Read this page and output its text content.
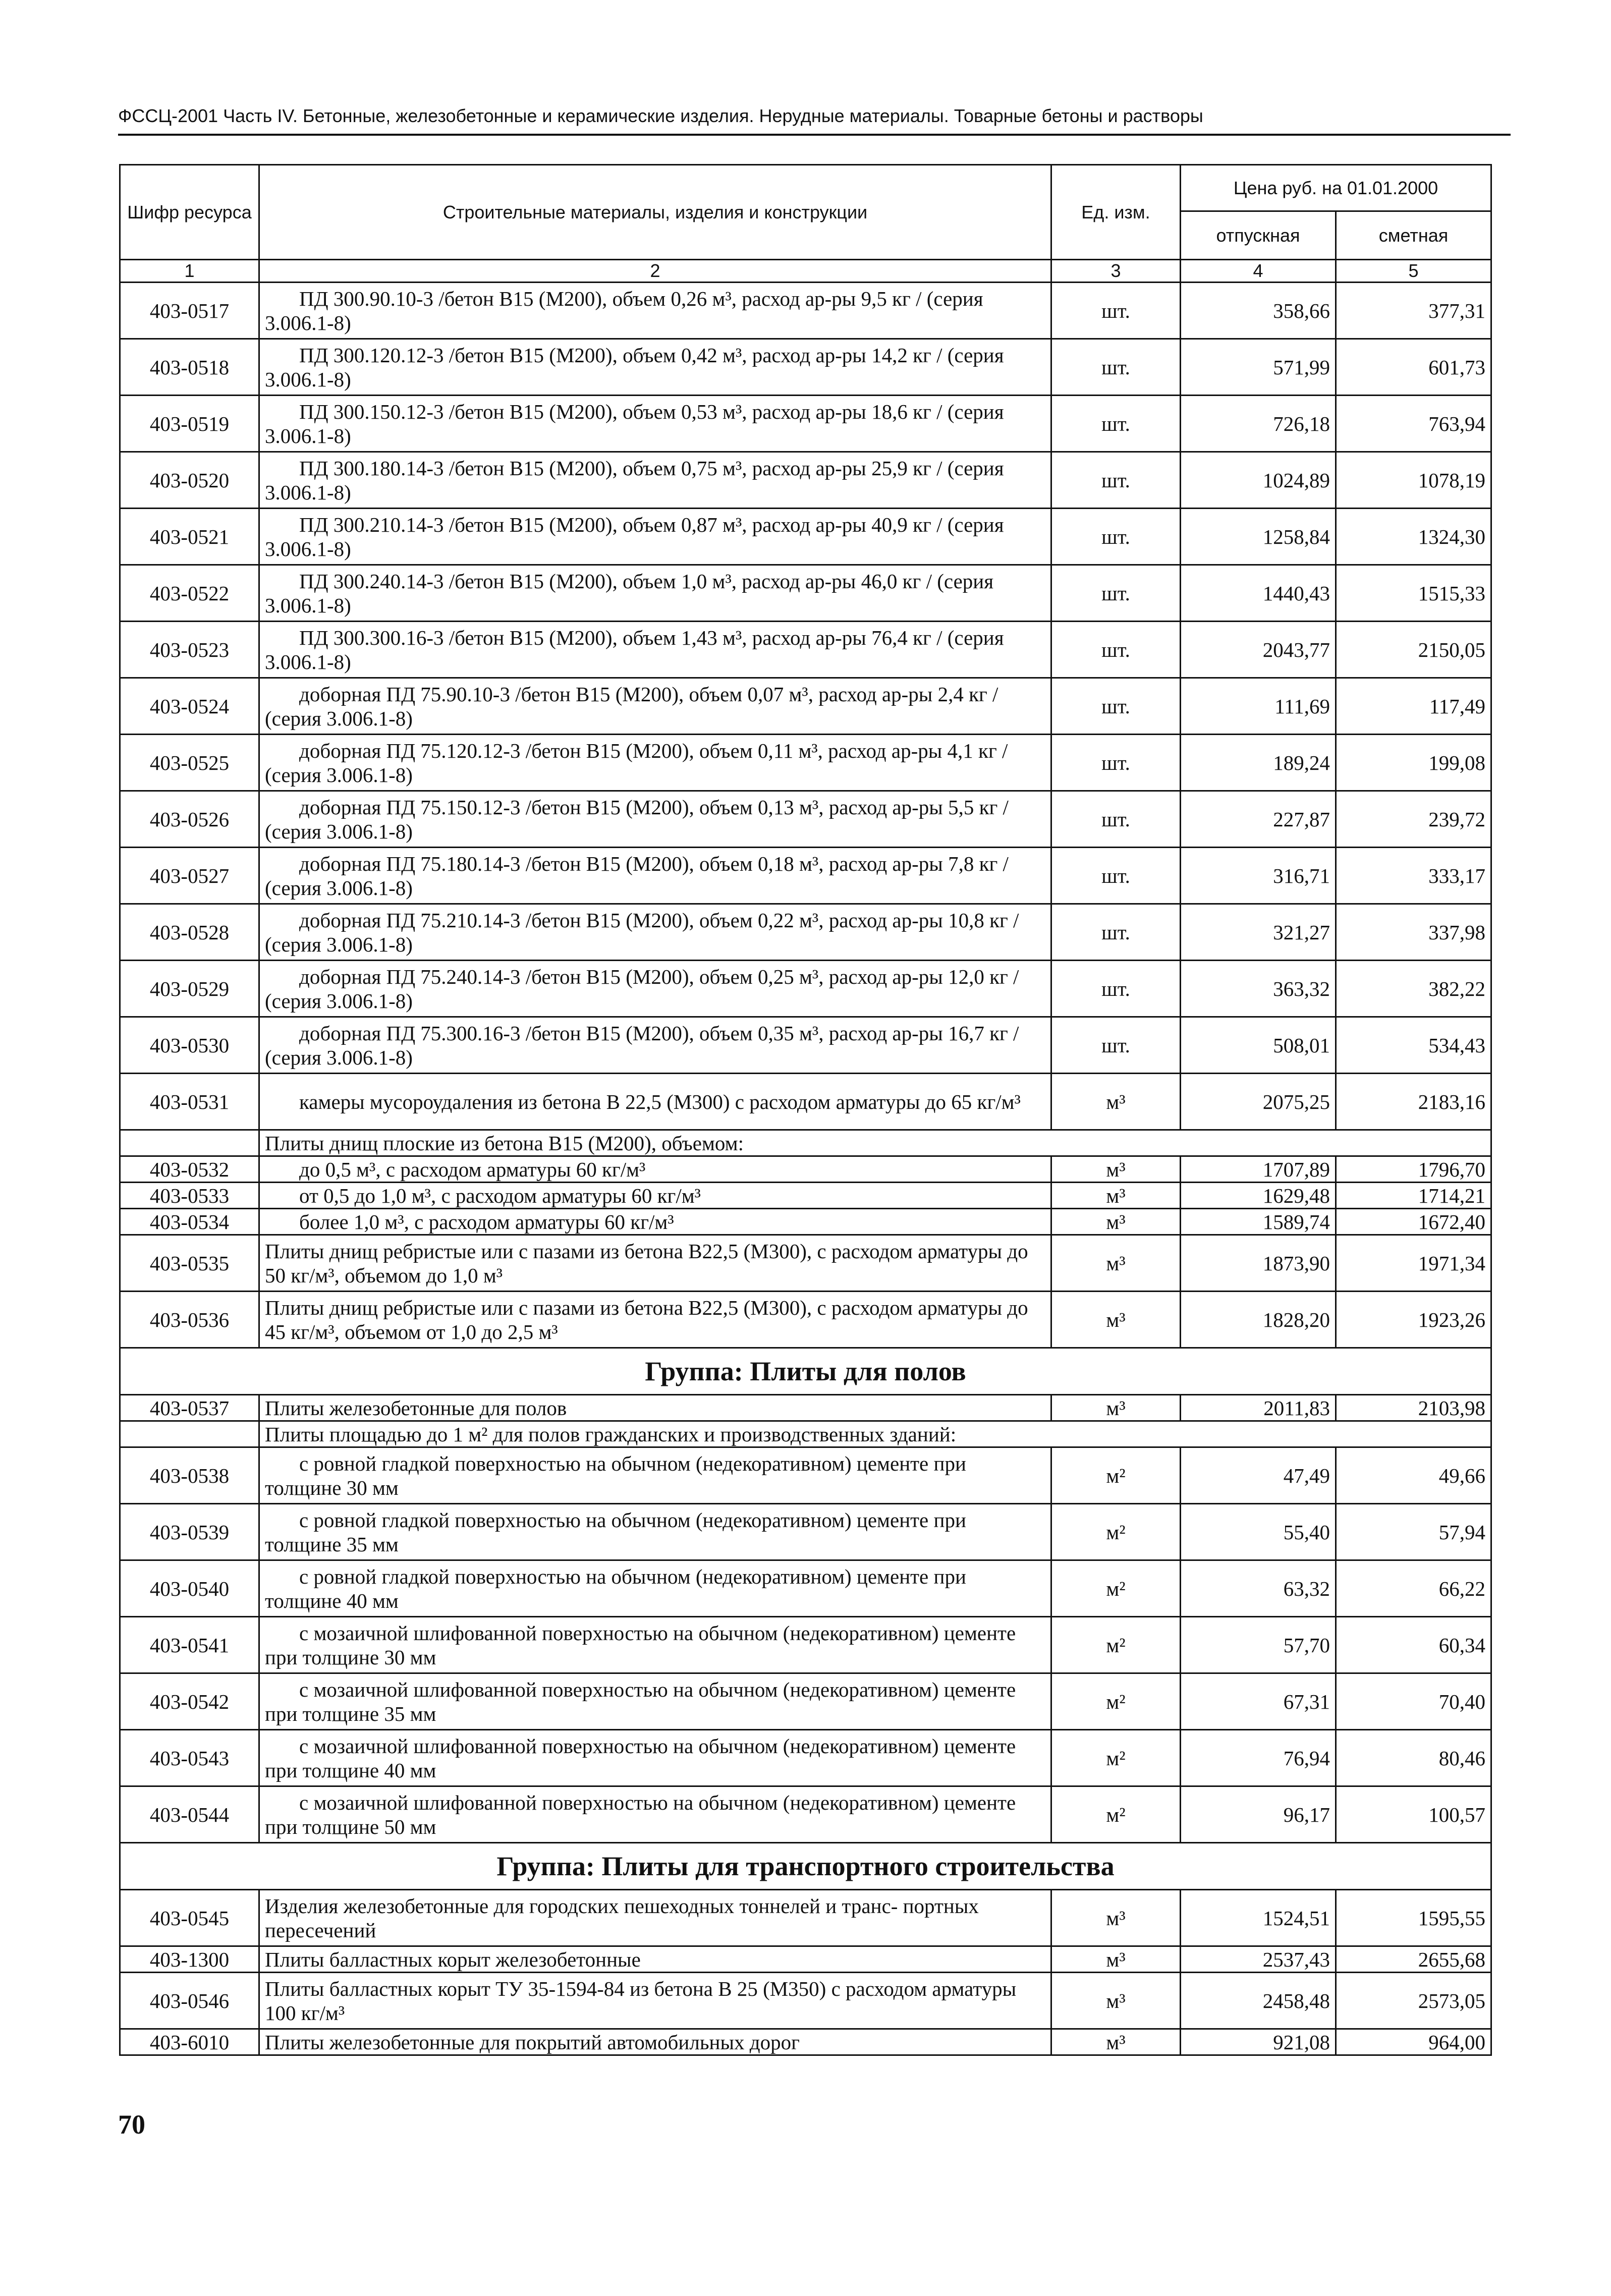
ФССЦ-2001 Часть IV. Бетонные, железобетонные и керамические изделия. Нерудные материалы. Товарные бетоны и растворы
Шифр ресурса	Строительные материалы, изделия и конструкции	Ед. изм.	Цена руб. на 01.01.2000	
			отпускная	сметная
1	2	3	4	5
403-0517	ПД 300.90.10-3 /бетон В15 (М200), объем 0,26 м³, расход ар-ры 9,5 кг / (серия 3.006.1-8)	шт.	358,66	377,31
403-0518	ПД 300.120.12-3 /бетон В15 (М200), объем 0,42 м³, расход ар-ры 14,2 кг / (серия 3.006.1-8)	шт.	571,99	601,73
403-0519	ПД 300.150.12-3 /бетон В15 (М200), объем 0,53 м³, расход ар-ры 18,6 кг / (серия 3.006.1-8)	шт.	726,18	763,94
403-0520	ПД 300.180.14-3 /бетон В15 (М200), объем 0,75 м³, расход ар-ры 25,9 кг / (серия 3.006.1-8)	шт.	1024,89	1078,19
403-0521	ПД 300.210.14-3 /бетон В15 (М200), объем 0,87 м³, расход ар-ры 40,9 кг / (серия 3.006.1-8)	шт.	1258,84	1324,30
403-0522	ПД 300.240.14-3 /бетон В15 (М200), объем 1,0 м³, расход ар-ры 46,0 кг / (серия 3.006.1-8)	шт.	1440,43	1515,33
403-0523	ПД 300.300.16-3 /бетон В15 (М200), объем 1,43 м³, расход ар-ры 76,4 кг / (серия 3.006.1-8)	шт.	2043,77	2150,05
403-0524	доборная ПД 75.90.10-3 /бетон В15 (М200), объем 0,07 м³, расход ар-ры 2,4 кг / (серия 3.006.1-8)	шт.	111,69	117,49
403-0525	доборная ПД 75.120.12-3 /бетон В15 (М200), объем 0,11 м³, расход ар-ры 4,1 кг / (серия 3.006.1-8)	шт.	189,24	199,08
403-0526	доборная ПД 75.150.12-3 /бетон В15 (М200), объем 0,13 м³, расход ар-ры 5,5 кг / (серия 3.006.1-8)	шт.	227,87	239,72
403-0527	доборная ПД 75.180.14-3 /бетон В15 (М200), объем 0,18 м³, расход ар-ры 7,8 кг / (серия 3.006.1-8)	шт.	316,71	333,17
403-0528	доборная ПД 75.210.14-3 /бетон В15 (М200), объем 0,22 м³, расход ар-ры 10,8 кг / (серия 3.006.1-8)	шт.	321,27	337,98
403-0529	доборная ПД 75.240.14-3 /бетон В15 (М200), объем 0,25 м³, расход ар-ры 12,0 кг / (серия 3.006.1-8)	шт.	363,32	382,22
403-0530	доборная ПД 75.300.16-3 /бетон В15 (М200), объем 0,35 м³, расход ар-ры 16,7 кг / (серия 3.006.1-8)	шт.	508,01	534,43
403-0531	камеры мусороудаления из бетона В 22,5 (М300) с расходом арматуры до 65 кг/м³	м³	2075,25	2183,16
	Плиты днищ плоские из бетона В15 (М200), объемом:			
403-0532	до 0,5 м³, с расходом арматуры 60 кг/м³	м³	1707,89	1796,70
403-0533	от 0,5 до 1,0 м³, с расходом арматуры 60 кг/м³	м³	1629,48	1714,21
403-0534	более 1,0 м³, с расходом арматуры 60 кг/м³	м³	1589,74	1672,40
403-0535	Плиты днищ ребристые или с пазами из бетона В22,5 (М300), с расходом арматуры до 50 кг/м³, объемом до 1,0 м³	м³	1873,90	1971,34
403-0536	Плиты днищ ребристые или с пазами из бетона В22,5 (М300), с расходом арматуры до 45 кг/м³, объемом от 1,0 до 2,5 м³	м³	1828,20	1923,26
Группа: Плиты для полов				
403-0537	Плиты железобетонные для полов	м³	2011,83	2103,98
	Плиты площадью до 1 м² для полов гражданских и производственных зданий:			
403-0538	с ровной гладкой поверхностью на обычном (недекоративном) цементе при толщине 30 мм	м²	47,49	49,66
403-0539	с ровной гладкой поверхностью на обычном (недекоративном) цементе при толщине 35 мм	м²	55,40	57,94
403-0540	с ровной гладкой поверхностью на обычном (недекоративном) цементе при толщине 40 мм	м²	63,32	66,22
403-0541	с мозаичной шлифованной поверхностью на обычном (недекоративном) цементе при толщине 30 мм	м²	57,70	60,34
403-0542	с мозаичной шлифованной поверхностью на обычном (недекоративном) цементе при толщине 35 мм	м²	67,31	70,40
403-0543	с мозаичной шлифованной поверхностью на обычном (недекоративном) цементе при толщине 40 мм	м²	76,94	80,46
403-0544	с мозаичной шлифованной поверхностью на обычном (недекоративном) цементе при толщине 50 мм	м²	96,17	100,57
Группа: Плиты для транспортного строительства				
403-0545	Изделия железобетонные для городских пешеходных тоннелей и транс- портных пересечений	м³	1524,51	1595,55
403-1300	Плиты балластных корыт железобетонные	м³	2537,43	2655,68
403-0546	Плиты балластных корыт ТУ 35-1594-84 из бетона В 25 (М350) с расходом арматуры 100 кг/м³	м³	2458,48	2573,05
403-6010	Плиты железобетонные для покрытий автомобильных дорог	м³	921,08	964,00
70
